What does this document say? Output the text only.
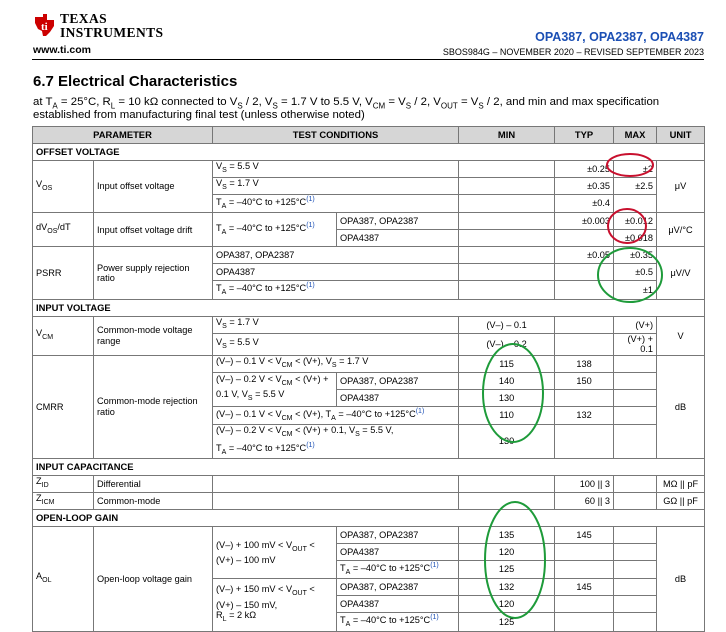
ti
TEXAS
INSTRUMENTS
www.ti.com
OPA387, OPA2387, OPA4387
SBOS984G – NOVEMBER 2020 – REVISED SEPTEMBER 2023
6.7 Electrical Characteristics
at $T_A = 25^\circ C$, $R_L = 10$ kΩ connected to $V_S / 2$, $V_S = 1.7$ V to 5.5 V, $V_{CM} = V_S / 2$, $V_{OUT} = V_S / 2$, and min and max specification
established from manufacturing final test (unless otherwise noted)
PARAMETER		TEST CONDITIONS		MIN	TYP	MAX	UNIT
OFFSET VOLTAGE							
$V_{OS}$	Input offset voltage	$V_S = 5.5$ V			±0.25	±2	μV
		$V_S = 1.7$ V			±0.35	±2.5	
		$T_A = -40^\circ C$ to +125°C$^{(1)}$			±0.4		
$dV_{OS}/dT$	Input offset voltage drift	$T_A = -40^\circ C$ to +125°C$^{(1)}$	OPA387, OPA2387		±0.003	±0.012	μV/°C
			OPA4387			±0.018	
PSRR	Power supply rejection ratio	OPA387, OPA2387			±0.05	±0.35	μV/V
		OPA4387				±0.5	
		$T_A = -40^\circ C$ to +125°C$^{(1)}$				±1	
INPUT VOLTAGE							
$V_{CM}$	Common-mode voltage range	$V_S = 1.7$ V		(V–) – 0.1		(V+)	V
		$V_S = 5.5$ V		(V–) – 0.2		(V+) + 0.1	
CMRR	Common-mode rejection ratio	(V–) – 0.1 $V < V_{CM} < (V+)$, $V_S = 1.7$ V		115	138		dB
		(V–) – 0.2 $V < V_{CM} < (V+) + 0.1$ V, $V_S = 5.5$ V	OPA387, OPA2387	140	150		
			OPA4387	130			
		(V–) – 0.1 $V < V_{CM} < (V+)$, $T_A = -40^\circ C$ to +125°C$^{(1)}$		110	132		
		(V–) – 0.2 $V < V_{CM} < (V+) + 0.1$, $V_S = 5.5$ V,
$T_A = -40^\circ C$ to +125°C$^{(1)}$		130			
INPUT CAPACITANCE							
$Z_{ID}$	Differential				100 || 3		MΩ || pF
$Z_{ICM}$	Common-mode				60 || 3		GΩ || pF
OPEN-LOOP GAIN							
$A_{OL}$	Open-loop voltage gain	(V–) + 100 mV < $V_{OUT}$ <
(V+) – 100 mV	OPA387, OPA2387	135	145		dB
			OPA4387	120			
			$T_A = -40^\circ C$ to +125°C$^{(1)}$	125			
		(V–) + 150 mV < $V_{OUT}$ <
(V+) – 150 mV,
$R_L = 2$ kΩ	OPA387, OPA2387	132	145		
			OPA4387	120			
			$T_A = -40^\circ C$ to +125°C$^{(1)}$	125			
